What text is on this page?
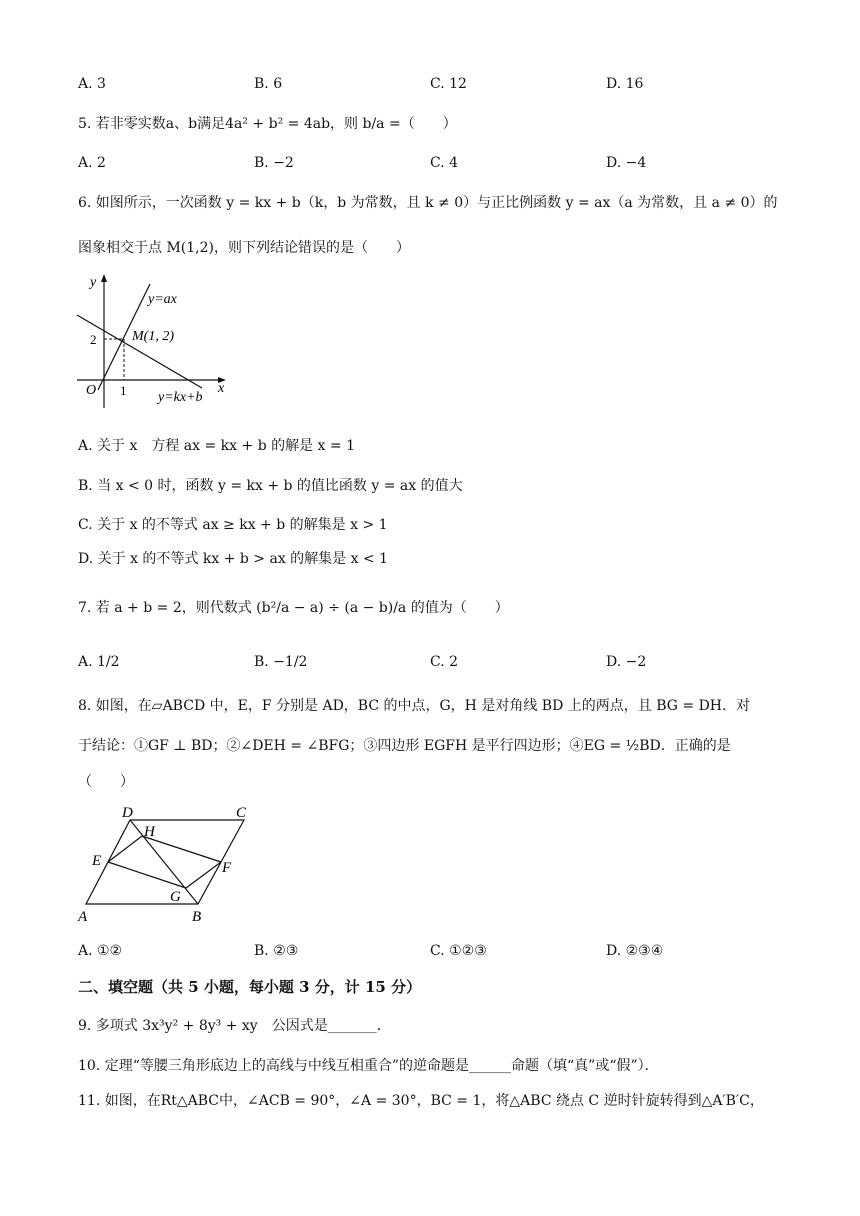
A. 3	B. 6	C. 12	D. 16
5. 若非零实数a、b满足4a² + b² = 4ab，则 b/a =（　　）
A. 2	B. −2	C. 4	D. −4
6. 如图所示，一次函数 y = kx + b（k，b 为常数，且 k ≠ 0）与正比例函数 y = ax（a 为常数，且 a ≠ 0）的
图象相交于点 M(1,2)，则下列结论错误的是（　　）
y
x
O
2
1
y=ax
M(1, 2)
y=kx+b
A. 关于 x　方程 ax = kx + b 的解是 x = 1
B. 当 x < 0 时，函数 y = kx + b 的值比函数 y = ax 的值大
C. 关于 x 的不等式 ax ≥ kx + b 的解集是 x > 1
D. 关于 x 的不等式 kx + b > ax 的解集是 x < 1
7. 若 a + b = 2，则代数式 (b²/a − a) ÷ (a − b)/a 的值为（　　）
A. 1/2	B. −1/2	C. 2	D. −2
8. 如图，在▱ABCD 中，E，F 分别是 AD，BC 的中点，G，H 是对角线 BD 上的两点，且 BG = DH．对
于结论：①GF ⊥ BD；②∠DEH = ∠BFG；③四边形 EGFH 是平行四边形；④EG = ½BD．正确的是
（　　）
D	C
H
E	F
G
A	B
A. ①②	B. ②③	C. ①②③	D. ②③④
二、填空题（共 5 小题，每小题 3 分，计 15 分）
9. 多项式 3x³y² + 8y³ + xy　公因式是_______．
10. 定理“等腰三角形底边上的高线与中线互相重合”的逆命题是______命题（填“真”或“假”）．
11. 如图，在Rt△ABC中，∠ACB = 90°，∠A = 30°，BC = 1，将△ABC 绕点 C 逆时针旋转得到△A′B′C，
